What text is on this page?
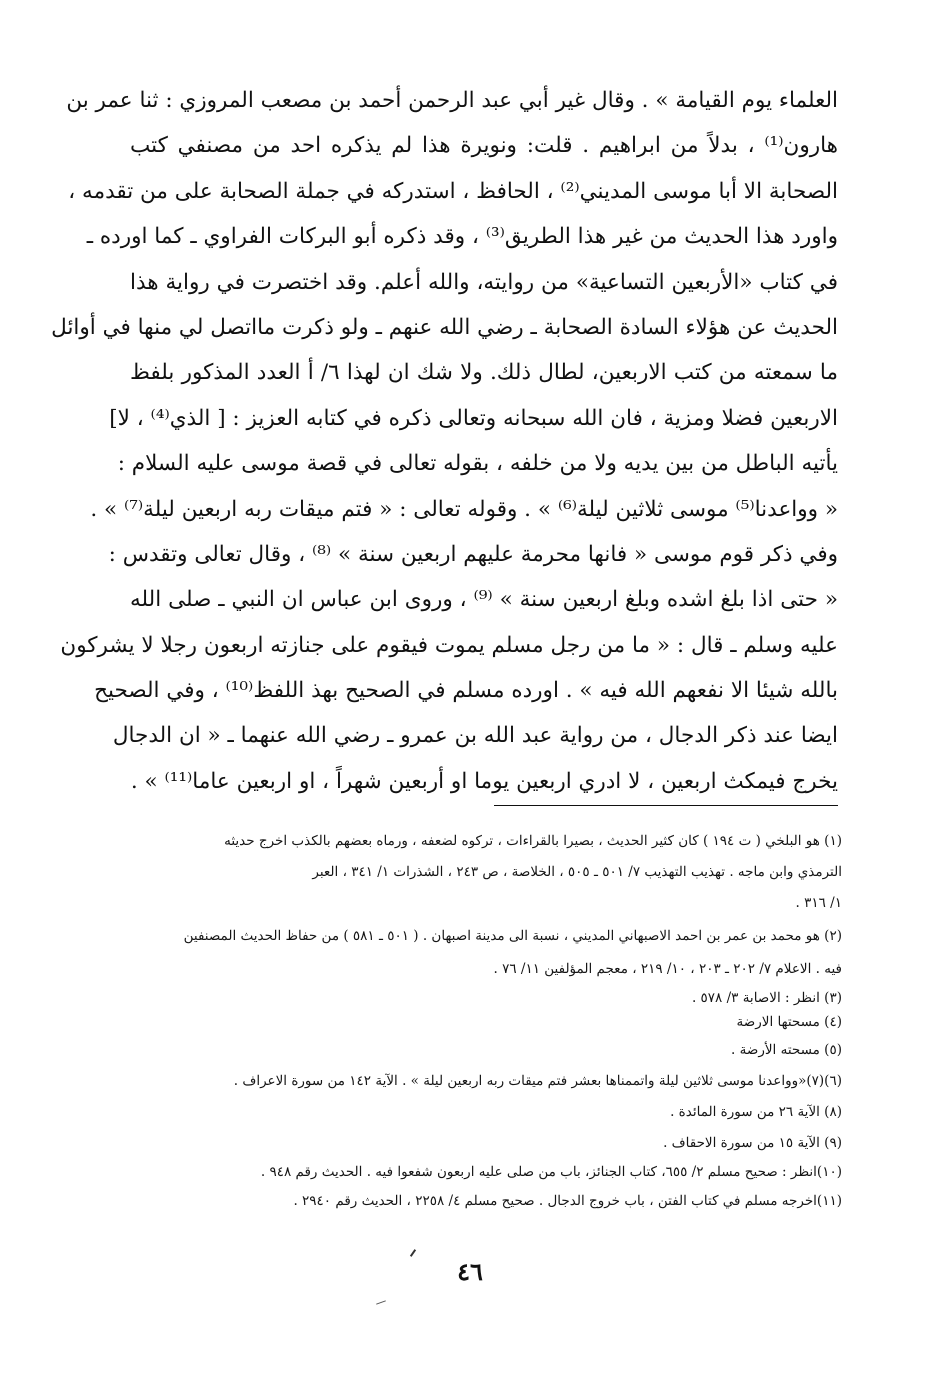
العلماء يوم القيامة » . وقال غير أبي عبد الرحمن أحمد بن مصعب المروزي : ثنا عمر بن
هارون⁽¹⁾ ، بدلاً من ابراهيم . قلت: ونويرة هذا لم يذكره احد من مصنفي كتب
الصحابة الا أبا موسى المديني⁽²⁾ ، الحافظ ، استدركه في جملة الصحابة على من تقدمه ،
واورد هذا الحديث من غير هذا الطريق⁽³⁾ ، وقد ذكره أبو البركات الفراوي ـ كما اورده ـ
في كتاب «الأربعين التساعية» من روايته، والله أعلم. وقد اختصرت في رواية هذا
الحديث عن هؤلاء السادة الصحابة ـ رضي الله عنهم ـ ولو ذكرت مااتصل لي منها في أوائل
ما سمعته من كتب الاربعين، لطال ذلك. ولا شك ان لهذا ٦/ أ العدد المذكور بلفظ
الاربعين فضلا ومزية ، فان الله سبحانه وتعالى ذكره في كتابه العزيز : [ الذي⁽⁴⁾ ، لا]
يأتيه الباطل من بين يديه ولا من خلفه ، بقوله تعالى في قصة موسى عليه السلام :
« وواعدنا⁽⁵⁾ موسى ثلاثين ليلة⁽⁶⁾ » . وقوله تعالى : « فتم ميقات ربه اربعين ليلة⁽⁷⁾ » .
وفي ذكر قوم موسى « فانها محرمة عليهم اربعين سنة » ⁽⁸⁾ ، وقال تعالى وتقدس :
« حتى اذا بلغ اشده وبلغ اربعين سنة » ⁽⁹⁾ ، وروى ابن عباس ان النبي ـ صلى الله
عليه وسلم ـ قال : « ما من رجل مسلم يموت فيقوم على جنازته اربعون رجلا لا يشركون
بالله شيئا الا نفعهم الله فيه » . اورده مسلم في الصحيح بهذ اللفظ⁽¹⁰⁾ ، وفي الصحيح
ايضا عند ذكر الدجال ، من رواية عبد الله بن عمرو ـ رضي الله عنهما ـ « ان الدجال
يخرج فيمكث اربعين ، لا ادري اربعين يوما او أربعين شهراً ، او اربعين عاما⁽¹¹⁾ » .
(١) هو البلخي ( ت ١٩٤ ) كان كثير الحديث ، بصيرا بالقراءات ، تركوه لضعفه ، ورماه بعضهم بالكذب اخرج حديثه
الترمذي وابن ماجه . تهذيب التهذيب ٧/ ٥٠١ ـ ٥٠٥ ، الخلاصة ، ص ٢٤٣ ، الشذرات ١/ ٣٤١ ، العبر
١/ ٣١٦ .
(٢) هو محمد بن عمر بن احمد الاصبهاني المديني ، نسبة الى مدينة اصبهان . ( ٥٠١ ـ ٥٨١ ) من حفاظ الحديث المصنفين
فيه . الاعلام ٧/ ٢٠٢ ـ ٢٠٣ ، ١٠/ ٢١٩ ، معجم المؤلفين ١١/ ٧٦ .
(٣) انظر : الاصابة ٣/ ٥٧٨ .
(٤) مسحتها الارضة
(٥) مسحته الأرضة .
(٦)(٧)«وواعدنا موسى ثلاثين ليلة واتممناها بعشر فتم ميقات ربه اربعين ليلة » . الآية ١٤٢ من سورة الاعراف .
(٨) الآية ٢٦ من سورة المائدة .
(٩) الآية ١٥ من سورة الاحقاف .
(١٠)انظر : صحيح مسلم ٢/ ٦٥٥، كتاب الجنائز، باب من صلى عليه اربعون شفعوا فيه . الحديث رقم ٩٤٨ .
(١١)اخرجه مسلم في كتاب الفتن ، باب خروج الدجال . صحيح مسلم ٤/ ٢٢٥٨ ، الحديث رقم ٢٩٤٠ .
٤٦
